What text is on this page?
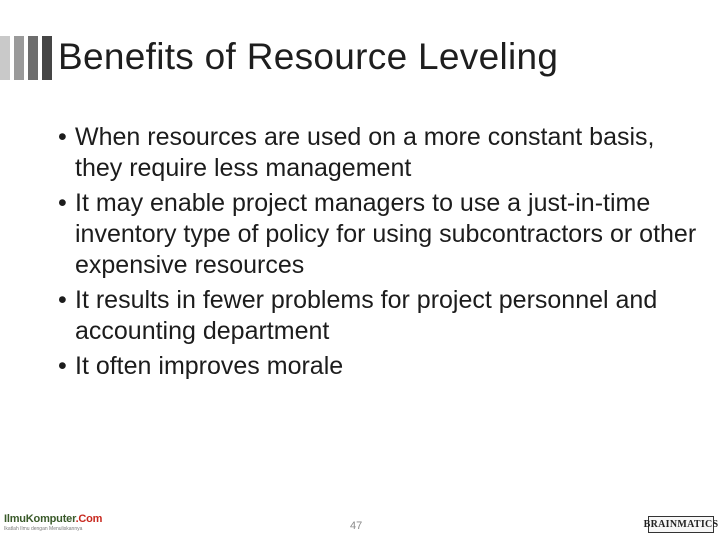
Benefits of Resource Leveling
• When resources are used on a more constant basis, they require less management
• It may enable project managers to use a just-in-time inventory type of policy for using subcontractors or other expensive resources
• It results in fewer problems for project personnel and accounting department
• It often improves morale
IlmuKomputer.Com
Ikatlah Ilmu dengan Menuliskannya	47	BRAINMATICS
